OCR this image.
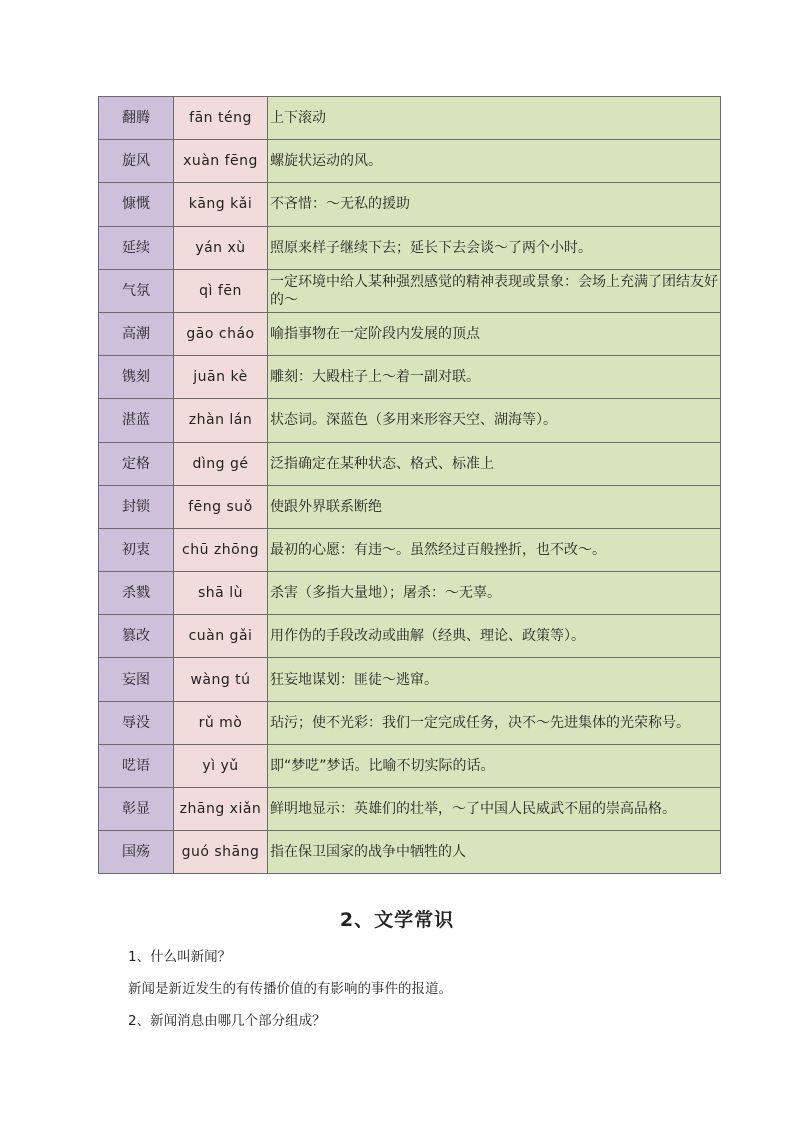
翻腾	fān téng	上下滚动
旋风	xuàn fēng	螺旋状运动的风。
慷慨	kāng kǎi	不吝惜：～无私的援助
延续	yán xù	照原来样子继续下去；延长下去会谈～了两个小时。
气氛	qì fēn	一定环境中给人某种强烈感觉的精神表现或景象：会场上充满了团结友好的～
高潮	gāo cháo	喻指事物在一定阶段内发展的顶点
镌刻	juān kè	雕刻：大殿柱子上～着一副对联。
湛蓝	zhàn lán	状态词。深蓝色（多用来形容天空、湖海等）。
定格	dìng gé	泛指确定在某种状态、格式、标准上
封锁	fēng suǒ	使跟外界联系断绝
初衷	chū zhōng	最初的心愿：有违～。虽然经过百般挫折，也不改～。
杀戮	shā lù	杀害（多指大量地）；屠杀：～无辜。
篡改	cuàn gǎi	用作伪的手段改动或曲解（经典、理论、政策等）。
妄图	wàng tú	狂妄地谋划：匪徒～逃窜。
辱没	rǔ mò	玷污；使不光彩：我们一定完成任务，决不～先进集体的光荣称号。
呓语	yì yǔ	即“梦呓”梦话。比喻不切实际的话。
彰显	zhāng xiǎn	鲜明地显示：英雄们的壮举，～了中国人民威武不屈的崇高品格。
国殇	guó shāng	指在保卫国家的战争中牺牲的人
2、文学常识
1、什么叫新闻？
新闻是新近发生的有传播价值的有影响的事件的报道。
2、新闻消息由哪几个部分组成？
